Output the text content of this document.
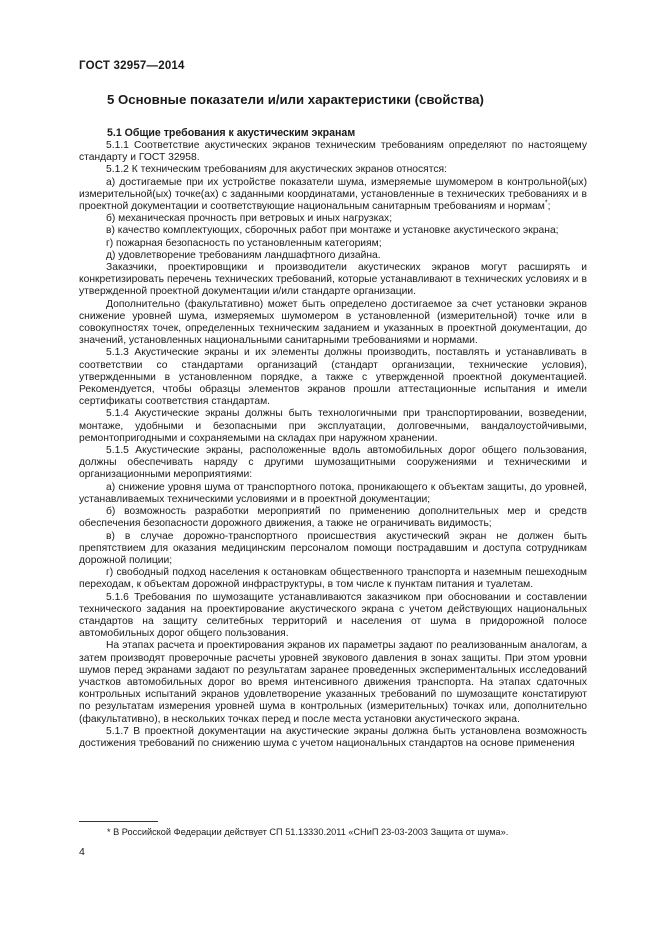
ГОСТ 32957—2014
5 Основные показатели и/или характеристики (свойства)
5.1 Общие требования к акустическим экранам

5.1.1 Соответствие акустических экранов техническим требованиям определяют по настоящему стандарту и ГОСТ 32958.

5.1.2 К техническим требованиям для акустических экранов относятся:

а) достигаемые при их устройстве показатели шума, измеряемые шумомером в контрольной(ых) измерительной(ых) точке(ах) с заданными координатами, установленные в технических требованиях и в проектной документации и соответствующие национальным санитарным требованиям и нормам*;

б) механическая прочность при ветровых и иных нагрузках;

в) качество комплектующих, сборочных работ при монтаже и установке акустического экрана;

г) пожарная безопасность по установленным категориям;

д) удовлетворение требованиям ландшафтного дизайна.

Заказчики, проектировщики и производители акустических экранов могут расширять и конкретизировать перечень технических требований, которые устанавливают в технических условиях и в утвержденной проектной документации и/или стандарте организации.

Дополнительно (факультативно) может быть определено достигаемое за счет установки экранов снижение уровней шума, измеряемых шумомером в установленной (измерительной) точке или в совокупностях точек, определенных техническим заданием и указанных в проектной документации, до значений, установленных национальными санитарными требованиями и нормами.

5.1.3 Акустические экраны и их элементы должны производить, поставлять и устанавливать в соответствии со стандартами организаций (стандарт организации, технические условия), утвержденными в установленном порядке, а также с утвержденной проектной документацией. Рекомендуется, чтобы образцы элементов экранов прошли аттестационные испытания и имели сертификаты соответствия стандартам.

5.1.4 Акустические экраны должны быть технологичными при транспортировании, возведении, монтаже, удобными и безопасными при эксплуатации, долговечными, вандалоустойчивыми, ремонтопригодными и сохраняемыми на складах при наружном хранении.

5.1.5 Акустические экраны, расположенные вдоль автомобильных дорог общего пользования, должны обеспечивать наряду с другими шумозащитными сооружениями и техническими и организационными мероприятиями:

а) снижение уровня шума от транспортного потока, проникающего к объектам защиты, до уровней, устанавливаемых техническими условиями и в проектной документации;

б) возможность разработки мероприятий по применению дополнительных мер и средств обеспечения безопасности дорожного движения, а также не ограничивать видимость;

в) в случае дорожно-транспортного происшествия акустический экран не должен быть препятствием для оказания медицинским персоналом помощи пострадавшим и доступа сотрудникам дорожной полиции;

г) свободный подход населения к остановкам общественного транспорта и наземным пешеходным переходам, к объектам дорожной инфраструктуры, в том числе к пунктам питания и туалетам.

5.1.6 Требования по шумозащите устанавливаются заказчиком при обосновании и составлении технического задания на проектирование акустического экрана с учетом действующих национальных стандартов на защиту селитебных территорий и населения от шума в придорожной полосе автомобильных дорог общего пользования.

На этапах расчета и проектирования экранов их параметры задают по реализованным аналогам, а затем производят проверочные расчеты уровней звукового давления в зонах защиты. При этом уровни шумов перед экранами задают по результатам заранее проведенных экспериментальных исследований участков автомобильных дорог во время интенсивного движения транспорта. На этапах сдаточных контрольных испытаний экранов удовлетворение указанных требований по шумозащите констатируют по результатам измерения уровней шума в контрольных (измерительных) точках или, дополнительно (факультативно), в нескольких точках перед и после места установки акустического экрана.

5.1.7 В проектной документации на акустические экраны должна быть установлена возможность достижения требований по снижению шума с учетом национальных стандартов на основе применения

* В Российской Федерации действует СП 51.13330.2011 «СНиП 23-03-2003 Защита от шума».
4
